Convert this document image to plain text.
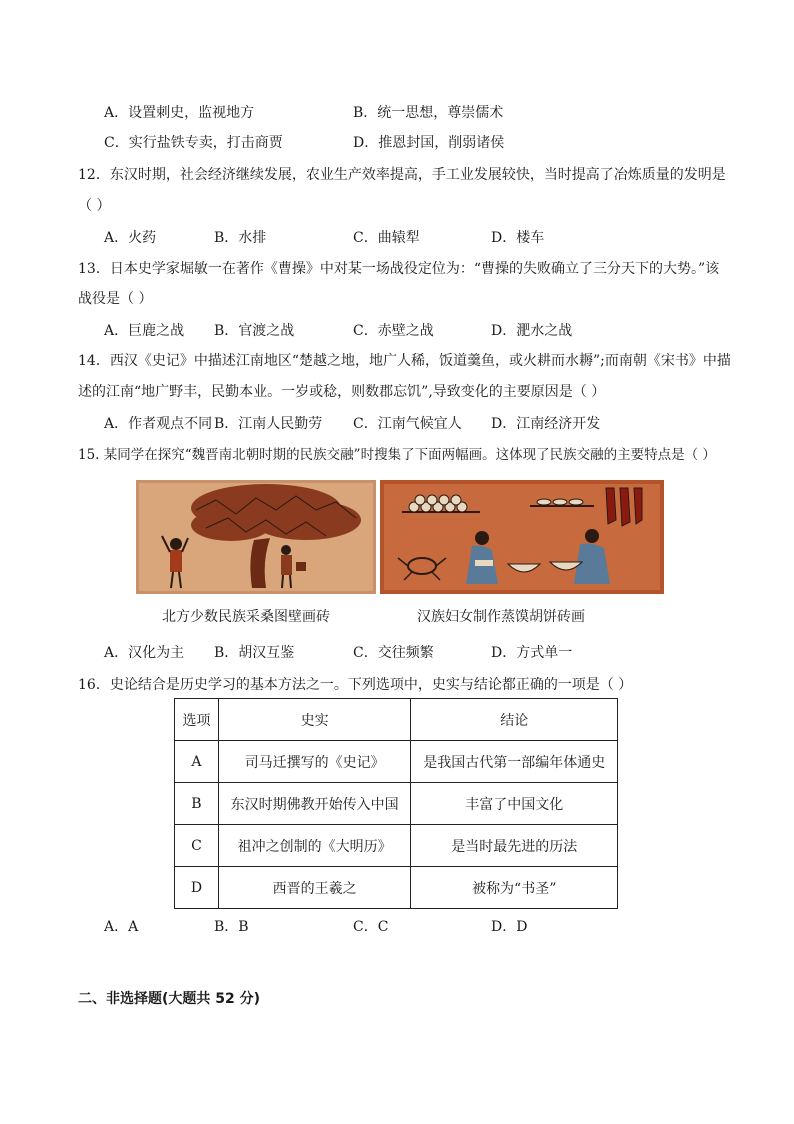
A．设置刺史，监视地方	B．统一思想，尊崇儒术
C．实行盐铁专卖，打击商贾	D．推恩封国，削弱诸侯
12．东汉时期，社会经济继续发展，农业生产效率提高，手工业发展较快，当时提高了冶炼质量的发明是
（ ）
A．火药	B．水排	C．曲辕犁	D．楼车
13．日本史学家堀敏一在著作《曹操》中对某一场战役定位为：“曹操的失败确立了三分天下的大势。”该
战役是（ ）
A．巨鹿之战 B．官渡之战	C．赤壁之战	D．淝水之战
14．西汉《史记》中描述江南地区“楚越之地，地广人稀，饭道羹鱼，或火耕而水耨”;而南朝《宋书》中描
述的江南“地广野丰，民勤本业。一岁或稔，则数郡忘饥”,导致变化的主要原因是（ ）
A．作者观点不同 B．江南人民勤劳 C．江南气候宜人 D．江南经济开发
15. 某同学在探究“魏晋南北朝时期的民族交融”时搜集了下面两幅画。这体现了民族交融的主要特点是（ ）
北方少数民族采桑图壁画砖	汉族妇女制作蒸馍胡饼砖画
A．汉化为主 B．胡汉互鉴	C．交往频繁	D．方式单一
16．史论结合是历史学习的基本方法之一。下列选项中，史实与结论都正确的一项是（ ）
选项	史实	结论
A	司马迁撰写的《史记》	是我国古代第一部编年体通史
B	东汉时期佛教开始传入中国	丰富了中国文化
C	祖冲之创制的《大明历》	是当时最先进的历法
D	西晋的王羲之	被称为“书圣”
A．A	B．B	C．C	D．D
二、非选择题(大题共 52 分)
